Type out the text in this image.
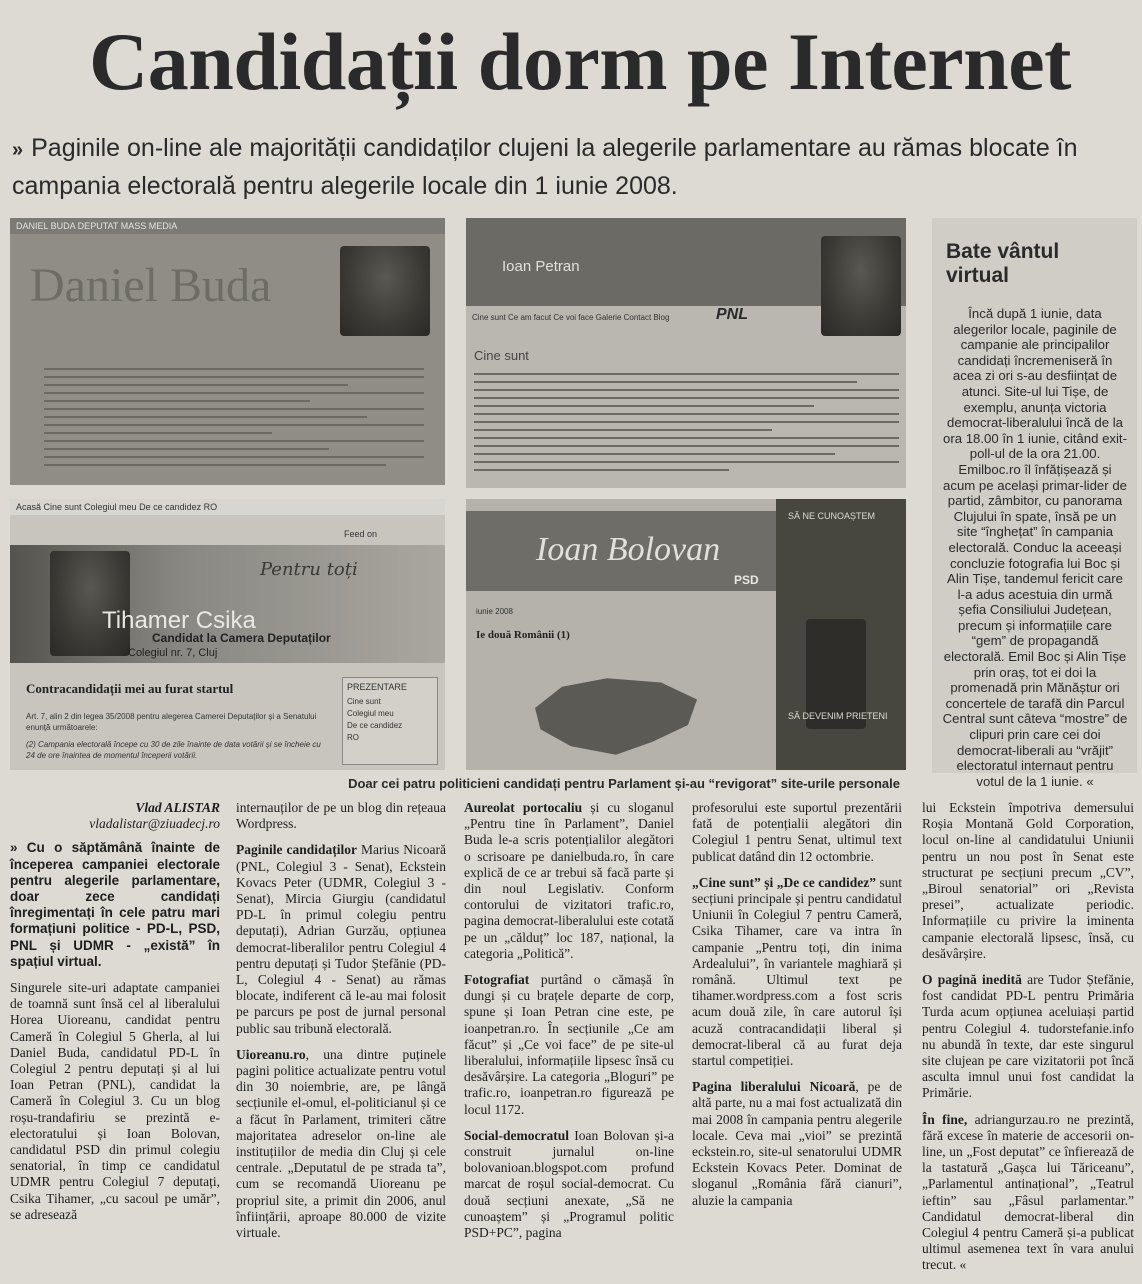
Candidații dorm pe Internet
» Paginile on-line ale majorității candidaților clujeni la alegerile parlamentare au rămas blocate în campania electorală pentru alegerile locale din 1 iunie 2008.
DANIEL BUDA DEPUTAT MASS MEDIA
Daniel Buda	Ioan Petran
PNL
Cine sunt Ce am facut Ce voi face Galerie Contact Blog
Cine sunt
Acasă Cine sunt Colegiul meu De ce candidez RO
Feed on
Pentru toți
Tihamer Csika
Candidat la Camera Deputaților
Colegiul nr. 7, Cluj
Contracandidații mei au furat startul
Art. 7, alin 2 din legea 35/2008 pentru alegerea Camerei Deputaților și a Senatului enunță următoarele:
(2) Campania electorală începe cu 30 de zile înainte de data votării și se încheie cu 24 de ore înaintea de momentul începerii votării.
PREZENTARE
Cine sunt
Colegiul meu
De ce candidez
RO
Ioan Bolovan
PSD
iunie 2008
Ie două Românii (1)
SĂ NE CUNOAȘTEM
SĂ DEVENIM PRIETENI
Bate vântul virtual
Încă după 1 iunie, data alegerilor locale, paginile de campanie ale principalilor candidați încremeniseră în acea zi ori s-au desființat de atunci. Site-ul lui Tișe, de exemplu, anunța victoria democrat-liberalului încă de la ora 18.00 în 1 iunie, citând exit-poll-ul de la ora 21.00. Emilboc.ro îl înfățișează și acum pe același primar-lider de partid, zâmbitor, cu panorama Clujului în spate, însă pe un site “înghețat” în campania electorală. Conduc la aceeași concluzie fotografia lui Boc și Alin Tișe, tandemul fericit care l-a adus acestuia din urmă șefia Consiliului Județean, precum și informațiile care “gem” de propagandă electorală. Emil Boc și Alin Tișe prin oraș, tot ei doi la promenadă prin Mănăștur ori concertele de tarafă din Parcul Central sunt câteva “mostre” de clipuri prin care cei doi democrat-liberali au “vrăjit” electoratul internaut pentru votul de la 1 iunie. «
Doar cei patru politicieni candidați pentru Parlament și-au “revigorat” site-urile personale
Vlad ALISTAR
vladalistar@ziuadecj.ro

» Cu o săptămână înainte de începerea campaniei electorale pentru alegerile parlamentare, doar zece candidați înregimentați în cele patru mari formațiuni politice - PD-L, PSD, PNL și UDMR - „există” în spațiul virtual.

Singurele site-uri adaptate campaniei de toamnă sunt însă cel al liberalului Horea Uioreanu, candidat pentru Cameră în Colegiul 5 Gherla, al lui Daniel Buda, candidatul PD-L în Colegiul 2 pentru deputați și al lui Ioan Petran (PNL), candidat la Cameră în Colegiul 3. Cu un blog roșu-trandafiriu se prezintă e-electoratului și Ioan Bolovan, candidatul PSD din primul colegiu senatorial, în timp ce candidatul UDMR pentru Colegiul 7 deputați, Csika Tihamer, „cu sacoul pe umăr”, se adresează

internauților de pe un blog din rețeaua Wordpress.

Paginile candidaților Marius Nicoară (PNL, Colegiul 3 - Senat), Eckstein Kovacs Peter (UDMR, Colegiul 3 - Senat), Mircia Giurgiu (candidatul PD-L în primul colegiu pentru deputați), Adrian Gurzău, opțiunea democrat-liberalilor pentru Colegiul 4 pentru deputați și Tudor Ștefănie (PD-L, Colegiul 4 - Senat) au rămas blocate, indiferent că le-au mai folosit pe parcurs pe post de jurnal personal public sau tribună electorală.

Uioreanu.ro, una dintre puținele pagini politice actualizate pentru votul din 30 noiembrie, are, pe lângă secțiunile el-omul, el-politicianul și ce a făcut în Parlament, trimiteri către majoritatea adreselor on-line ale instituțiilor de media din Cluj și cele centrale. „Deputatul de pe strada ta”, cum se recomandă Uioreanu pe propriul site, a primit din 2006, anul înființării, aproape 80.000 de vizite virtuale.

Aureolat portocaliu și cu sloganul „Pentru tine în Parlament”, Daniel Buda le-a scris potențialilor alegători o scrisoare pe danielbuda.ro, în care explică de ce ar trebui să facă parte și din noul Legislativ. Conform contorului de vizitatori trafic.ro, pagina democrat-liberalului este cotată pe un „călduț” loc 187, național, la categoria „Politică”.

Fotografiat purtând o cămașă în dungi și cu brațele departe de corp, spune și Ioan Petran cine este, pe ioanpetran.ro. În secțiunile „Ce am făcut” și „Ce voi face” de pe site-ul liberalului, informațiile lipsesc însă cu desăvârșire. La categoria „Bloguri” pe trafic.ro, ioanpetran.ro figurează pe locul 1172.

Social-democratul Ioan Bolovan și-a construit jurnalul on-line bolovanioan.blogspot.com profund marcat de roșul social-democrat. Cu două secțiuni anexate, „Să ne cunoaștem” și „Programul politic PSD+PC”, pagina

profesorului este suportul prezentării fată de potențialii alegători din Colegiul 1 pentru Senat, ultimul text publicat datând din 12 octombrie.

„Cine sunt” și „De ce candidez” sunt secțiuni principale și pentru candidatul Uniunii în Colegiul 7 pentru Cameră, Csika Tihamer, care va intra în campanie „Pentru toți, din inima Ardealului”, în variantele maghiară și română. Ultimul text pe tihamer.wordpress.com a fost scris acum două zile, în care autorul își acuză contracandidații liberal și democrat-liberal că au furat deja startul competiției.

Pagina liberalului Nicoară, pe de altă parte, nu a mai fost actualizată din mai 2008 în campania pentru alegerile locale. Ceva mai „vioi” se prezintă eckstein.ro, site-ul senatorului UDMR Eckstein Kovacs Peter. Dominat de sloganul „România fără cianuri”, aluzie la campania

lui Eckstein împotriva demersului Roșia Montană Gold Corporation, locul on-line al candidatului Uniunii pentru un nou post în Senat este structurat pe secțiuni precum „CV”, „Biroul senatorial” ori „Revista presei”, actualizate periodic. Informațiile cu privire la iminenta campanie electorală lipsesc, însă, cu desăvârșire.

O pagină inedită are Tudor Ștefănie, fost candidat PD-L pentru Primăria Turda acum opțiunea aceluiași partid pentru Colegiul 4. tudorstefanie.info nu abundă în texte, dar este singurul site clujean pe care vizitatorii pot încă asculta imnul unui fost candidat la Primărie.

În fine, adriangurzau.ro ne prezintă, fără excese în materie de accesorii on-line, un „Fost deputat” ce înfierează de la tastatură „Gașca lui Tăriceanu”, „Parlamentul antinațional”, „Teatrul ieftin” sau „Fâsul parlamentar.” Candidatul democrat-liberal din Colegiul 4 pentru Cameră și-a publicat ultimul asemenea text în vara anului trecut. «
